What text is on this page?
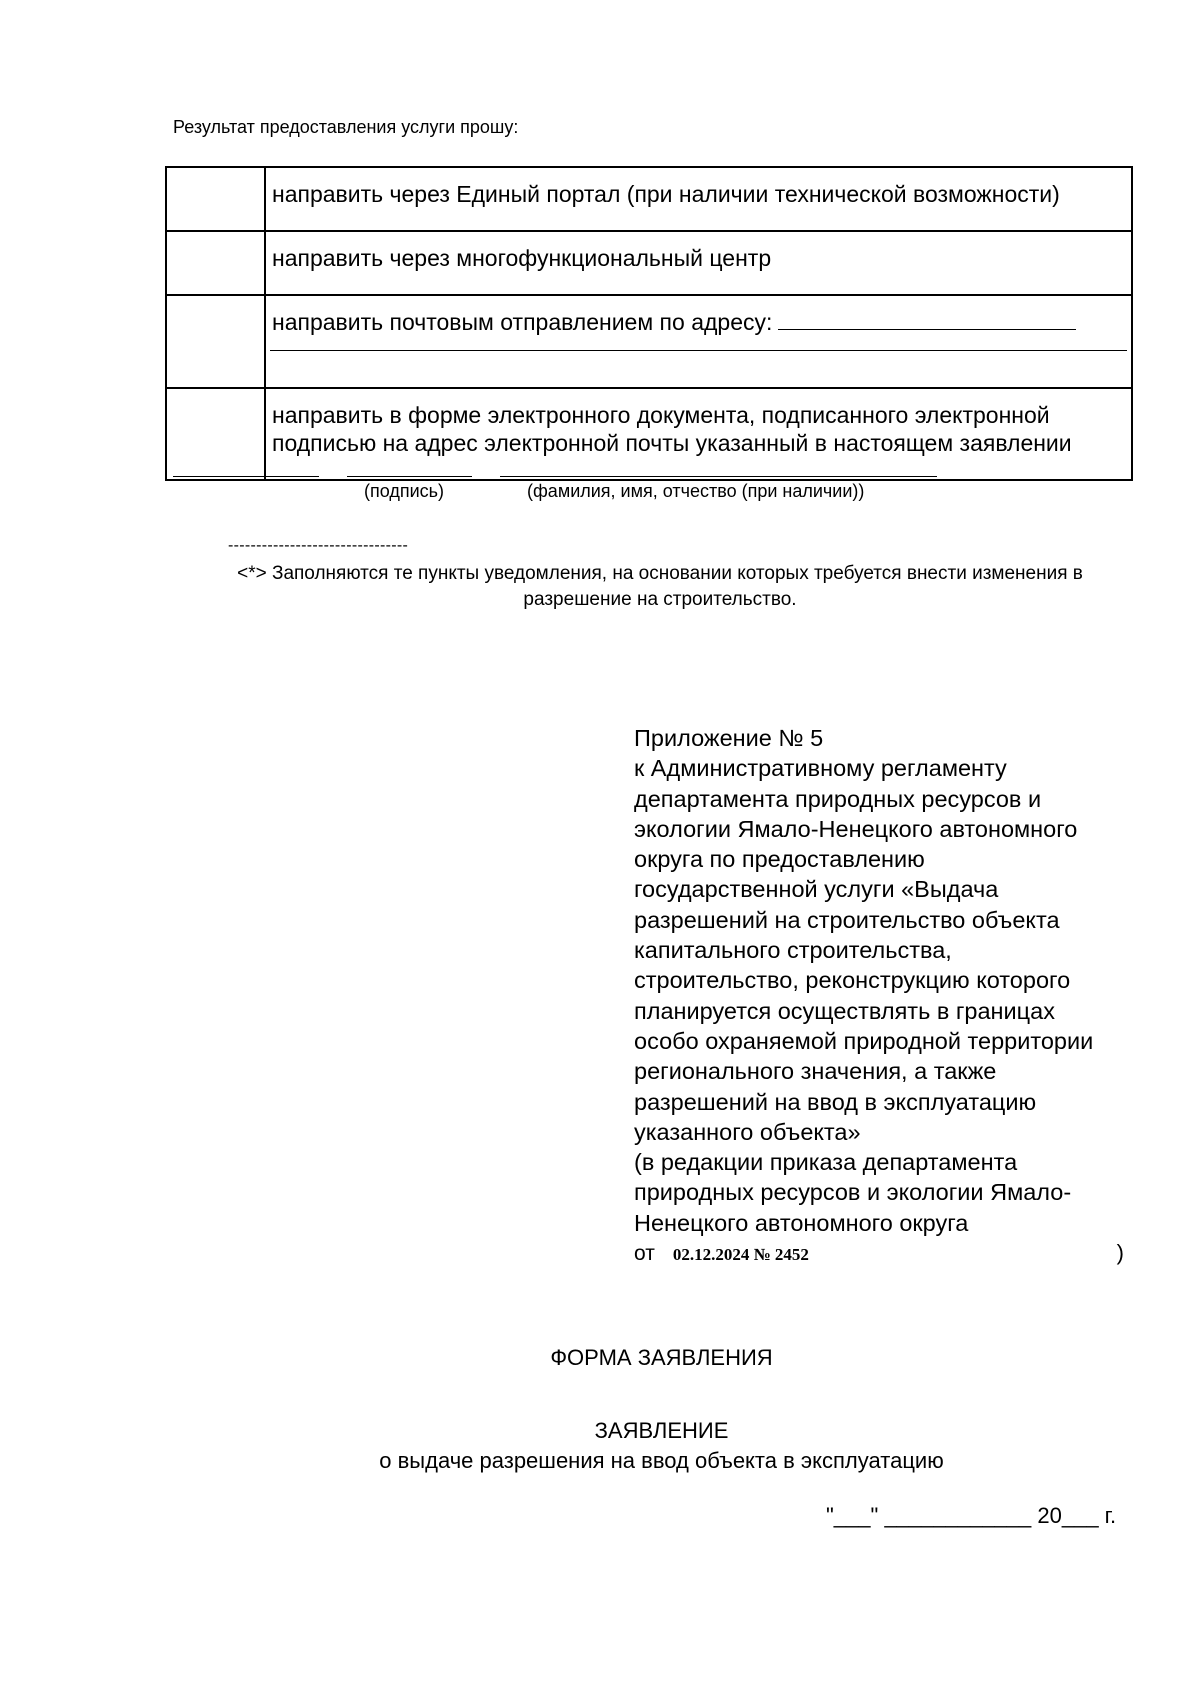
Результат предоставления услуги прошу:
	направить через Единый портал (при наличии технической возможности)
	направить через многофункциональный центр
	направить почтовым отправлением по адресу:

	направить в форме электронного документа, подписанного электронной подписью на адрес электронной почты указанный в настоящем заявлении
(подпись)	(фамилия, имя, отчество (при наличии))
--------------------------------
<*> Заполняются те пункты уведомления, на основании которых требуется внести изменения в разрешение на строительство.
Приложение № 5
к Административному регламенту
департамента природных ресурсов и
экологии Ямало-Ненецкого автономного
округа по предоставлению
государственной услуги «Выдача
разрешений на строительство объекта
капитального строительства,
строительство, реконструкцию которого
планируется осуществлять в границах
особо охраняемой природной территории
регионального значения, а также
разрешений на ввод в эксплуатацию
указанного объекта»
(в редакции приказа департамента
природных ресурсов и экологии Ямало-
Ненецкого автономного округа
от 02.12.2024 № 2452	)
ФОРМА ЗАЯВЛЕНИЯ
ЗАЯВЛЕНИЕ
о выдаче разрешения на ввод объекта в эксплуатацию
"___" ____________ 20___ г.
